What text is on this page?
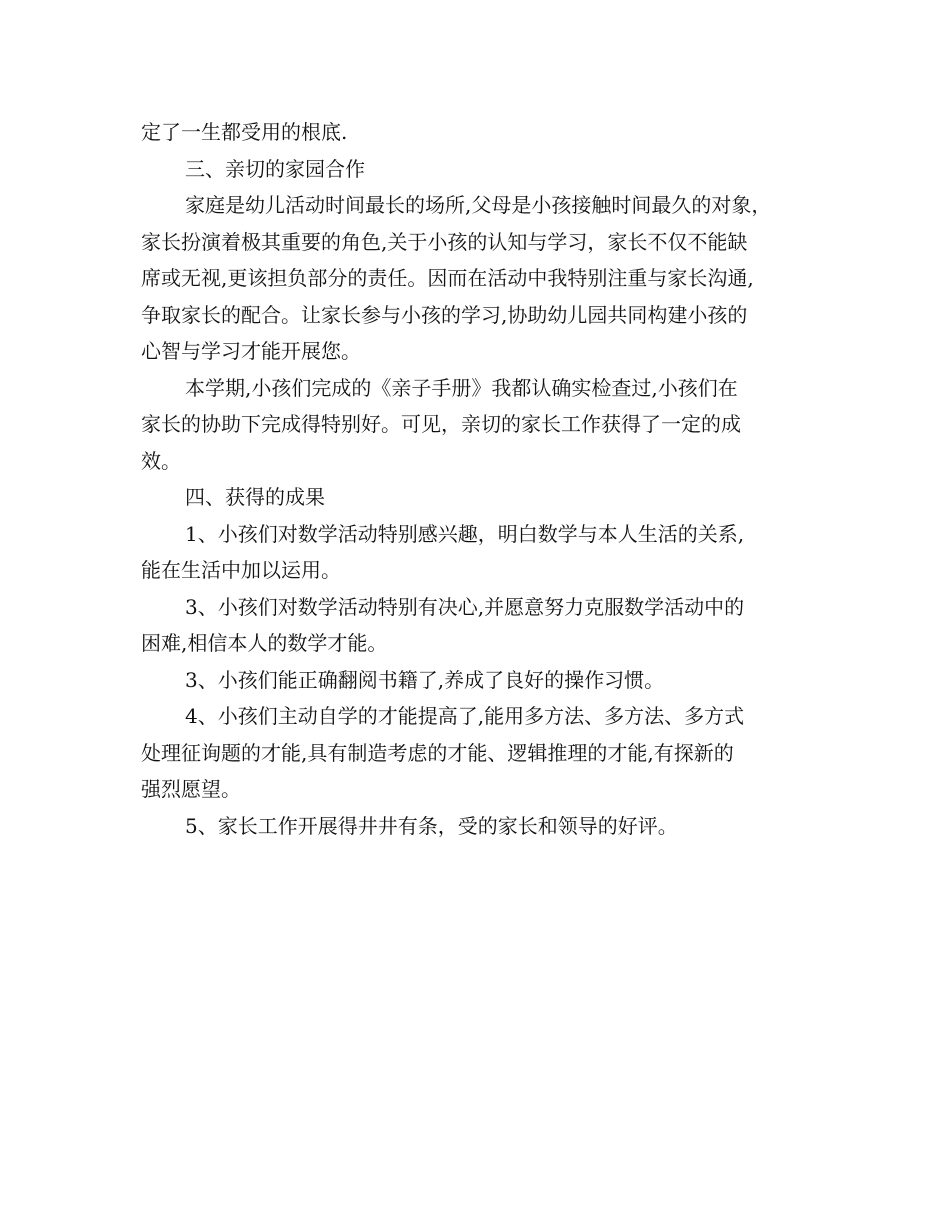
定了一生都受用的根底.

三、亲切的家园合作

家庭是幼儿活动时间最长的场所,父母是小孩接触时间最久的对象，

家长扮演着极其重要的角色,关于小孩的认知与学习，家长不仅不能缺

席或无视,更该担负部分的责任。因而在活动中我特别注重与家长沟通,

争取家长的配合。让家长参与小孩的学习,协助幼儿园共同构建小孩的

心智与学习才能开展您。

本学期,小孩们完成的《亲子手册》我都认确实检查过,小孩们在

家长的协助下完成得特别好。可见，亲切的家长工作获得了一定的成

效。

四、获得的成果

1、小孩们对数学活动特别感兴趣，明白数学与本人生活的关系,

能在生活中加以运用。

3、小孩们对数学活动特别有决心,并愿意努力克服数学活动中的

困难,相信本人的数学才能。

3、小孩们能正确翻阅书籍了,养成了良好的操作习惯。

4、小孩们主动自学的才能提高了,能用多方法、多方法、多方式

处理征询题的才能,具有制造考虑的才能、逻辑推理的才能,有探新的

强烈愿望。

5、家长工作开展得井井有条，受的家长和领导的好评。
